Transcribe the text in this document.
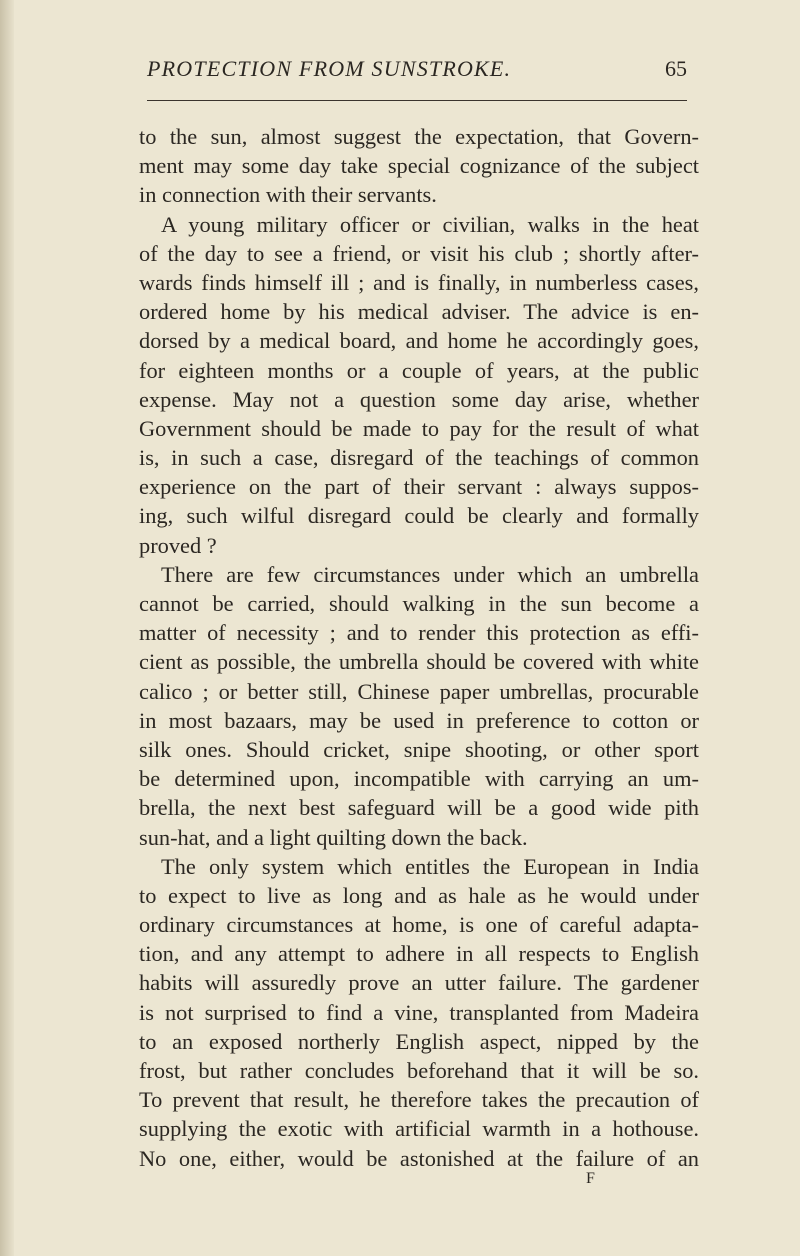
PROTECTION FROM SUNSTROKE.	65
to the sun, almost suggest the expectation, that Govern-
ment may some day take special cognizance of the subject
in connection with their servants.
A young military officer or civilian, walks in the heat
of the day to see a friend, or visit his club ; shortly after-
wards finds himself ill ; and is finally, in numberless cases,
ordered home by his medical adviser. The advice is en-
dorsed by a medical board, and home he accordingly goes,
for eighteen months or a couple of years, at the public
expense. May not a question some day arise, whether
Government should be made to pay for the result of what
is, in such a case, disregard of the teachings of common
experience on the part of their servant : always suppos-
ing, such wilful disregard could be clearly and formally
proved ?
There are few circumstances under which an umbrella
cannot be carried, should walking in the sun become a
matter of necessity ; and to render this protection as effi-
cient as possible, the umbrella should be covered with white
calico ; or better still, Chinese paper umbrellas, procurable
in most bazaars, may be used in preference to cotton or
silk ones. Should cricket, snipe shooting, or other sport
be determined upon, incompatible with carrying an um-
brella, the next best safeguard will be a good wide pith
sun-hat, and a light quilting down the back.
The only system which entitles the European in India
to expect to live as long and as hale as he would under
ordinary circumstances at home, is one of careful adapta-
tion, and any attempt to adhere in all respects to English
habits will assuredly prove an utter failure. The gardener
is not surprised to find a vine, transplanted from Madeira
to an exposed northerly English aspect, nipped by the
frost, but rather concludes beforehand that it will be so.
To prevent that result, he therefore takes the precaution of
supplying the exotic with artificial warmth in a hothouse.
No one, either, would be astonished at the failure of an
F
